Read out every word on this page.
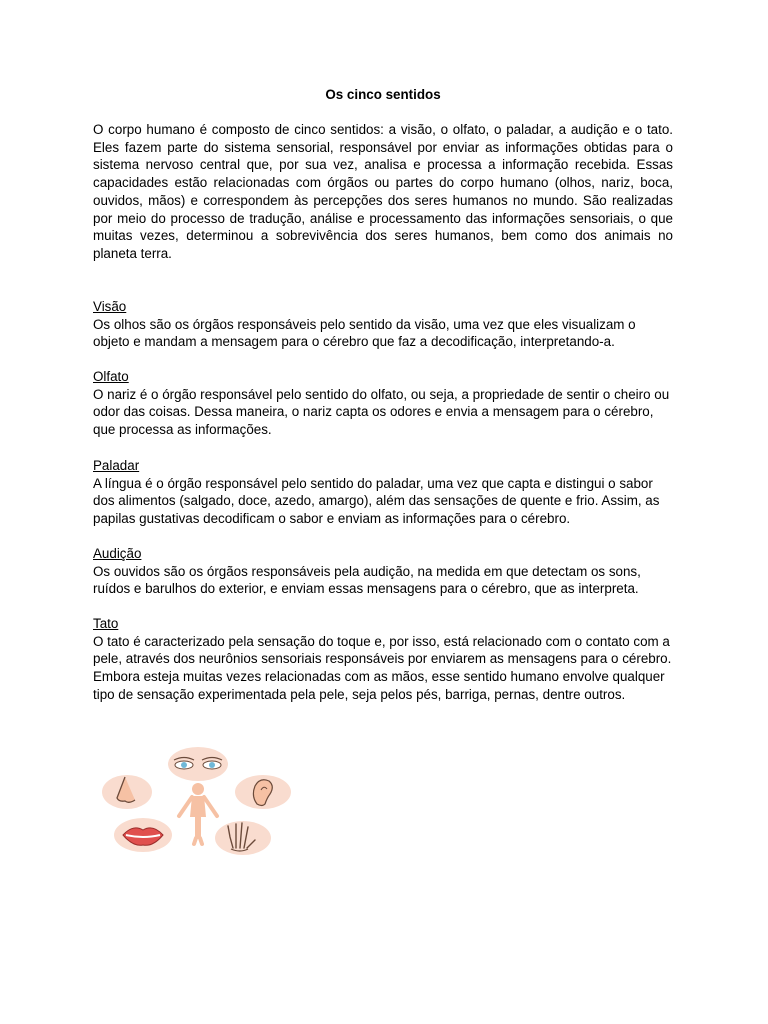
Os cinco sentidos

O corpo humano é composto de cinco sentidos: a visão, o olfato, o paladar, a audição e o tato. Eles fazem parte do sistema sensorial, responsável por enviar as informações obtidas para o sistema nervoso central que, por sua vez, analisa e processa a informação recebida. Essas capacidades estão relacionadas com órgãos ou partes do corpo humano (olhos, nariz, boca, ouvidos, mãos) e correspondem às percepções dos seres humanos no mundo. São realizadas por meio do processo de tradução, análise e processamento das informações sensoriais, o que muitas vezes, determinou a sobrevivência dos seres humanos, bem como dos animais no planeta terra.

Visão
Os olhos são os órgãos responsáveis pelo sentido da visão, uma vez que eles visualizam o objeto e mandam a mensagem para o cérebro que faz a decodificação, interpretando-a.
Olfato
O nariz é o órgão responsável pelo sentido do olfato, ou seja, a propriedade de sentir o cheiro ou odor das coisas. Dessa maneira, o nariz capta os odores e envia a mensagem para o cérebro, que processa as informações.
Paladar
A língua é o órgão responsável pelo sentido do paladar, uma vez que capta e distingui o sabor dos alimentos (salgado, doce, azedo, amargo), além das sensações de quente e frio. Assim, as papilas gustativas decodificam o sabor e enviam as informações para o cérebro.
Audição
Os ouvidos são os órgãos responsáveis pela audição, na medida em que detectam os sons, ruídos e barulhos do exterior, e enviam essas mensagens para o cérebro, que as interpreta.
Tato
O tato é caracterizado pela sensação do toque e, por isso, está relacionado com o contato com a pele, através dos neurônios sensoriais responsáveis por enviarem as mensagens para o cérebro. Embora esteja muitas vezes relacionadas com as mãos, esse sentido humano envolve qualquer tipo de sensação experimentada pela pele, seja pelos pés, barriga, pernas, dentre outros.
